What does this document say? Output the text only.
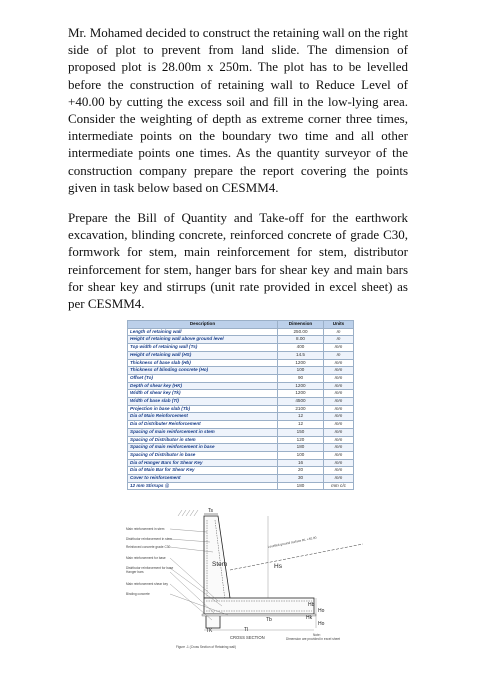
Mr. Mohamed decided to construct the retaining wall on the right side of plot to prevent from land slide. The dimension of proposed plot is 28.00m x 250m. The plot has to be levelled before the construction of retaining wall to Reduce Level of +40.00 by cutting the excess soil and fill in the low-lying area. Consider the weighting of depth as extreme corner three times, intermediate points on the boundary two time and all other intermediate points one times. As the quantity surveyor of the construction company prepare the report covering the points given in task below based on CESMM4.

Prepare the Bill of Quantity and Take-off for the earthwork excavation, blinding concrete, reinforced concrete of grade C30, formwork for stem, main reinforcement for stem, distributor reinforcement for stem, hanger bars for shear key and main bars for shear key and stirrups (unit rate provided in excel sheet) as per CESMM4.

Description	Dimension	Units
Length of retaining wall	250.00	m
Height of retaining wall above ground level	8.00	m
Top width of retaining wall (Ts)	400	mm
Height of retaining wall (HS)	14.5	m
Thickness of base slab (Hb)	1200	mm
Thickness of blinding concrete (Ho)	100	mm
Offset (To)	90	mm
Depth of shear key (HK)	1200	mm
Width of shear key (Tk)	1200	mm
Width of base slab (Tl)	4500	mm
Projection in base slab (Tb)	2100	mm
Dia of Main Reinforcement	12	mm
Dia of Distributer Reinforcement	12	mm
Spacing of main reinforcement in stem	150	mm
Spacing of Distributor in stem	120	mm
Spacing of main reinforcement in base	180	mm
Spacing of Distributor in base	100	mm
Dia of Hanger Bars for Shear Key	16	mm
Dia of Main Bar for Shear Key	20	mm
Cover to reinforcement	30	mm
12 mm Stirrups @	180	mm c/c
Ts
Levelled ground surface RL +40.00
Stem	Hs
Hb
Ho
Hk
Ho
Tb
TK	Tl
Main reinforcement in stem
Distributor reinforcement in stem
Reinforced concrete grade C30
Main reinforcement for base
Distributor reinforcement for base
Hanger bars
Main reinforcement shear key
Binding concrete
CROSS SECTION	Note:
Dimension are provided in excel sheet
Figure -1 (Cross Section of Retaining wall)
